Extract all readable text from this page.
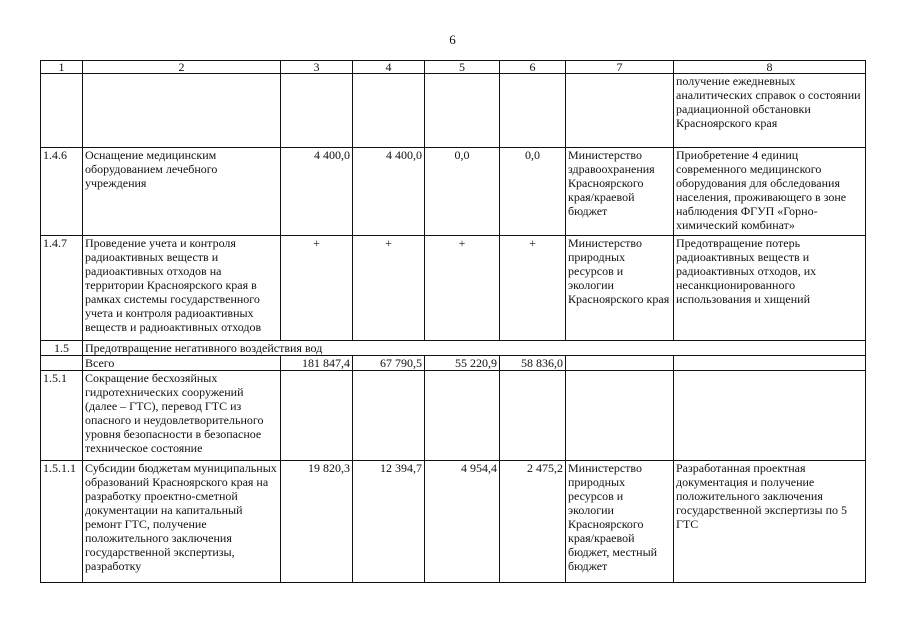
6
1	2	3	4	5	6	7	8
							получение ежедневных аналитических справок о состоянии радиационной обстановки Красноярского края
1.4.6	Оснащение медицинским оборудованием лечебного учреждения	4 400,0	4 400,0	0,0	0,0	Министерство здравоохранения Красноярского края/краевой бюджет	Приобретение 4 единиц современного медицинского оборудования для обследования населения, проживающего в зоне наблюдения ФГУП «Горно-химический комбинат»
1.4.7	Проведение учета и контроля радиоактивных веществ и радиоактивных отходов на территории Красноярского края в рамках системы государственного учета и контроля радиоактивных веществ и радиоактивных отходов	+	+	+	+	Министерство природных ресурсов и экологии Красноярского края	Предотвращение потерь радиоактивных веществ и радиоактивных отходов, их несанкционированного использования и хищений
1.5	Предотвращение негативного воздействия вод						
	Всего	181 847,4	67 790,5	55 220,9	58 836,0		
1.5.1	Сокращение бесхозяйных гидротехнических сооружений (далее – ГТС), перевод ГТС из опасного и неудовлетворительного уровня безопасности в безопасное техническое состояние						
1.5.1.1	Субсидии бюджетам муниципальных образований Красноярского края на разработку проектно-сметной документации на капитальный ремонт ГТС, получение положительного заключения государственной экспертизы, разработку	19 820,3	12 394,7	4 954,4	2 475,2	Министерство природных ресурсов и экологии Красноярского края/краевой бюджет, местный бюджет	Разработанная проектная документация и получение положительного заключения государственной экспертизы по 5 ГТС
